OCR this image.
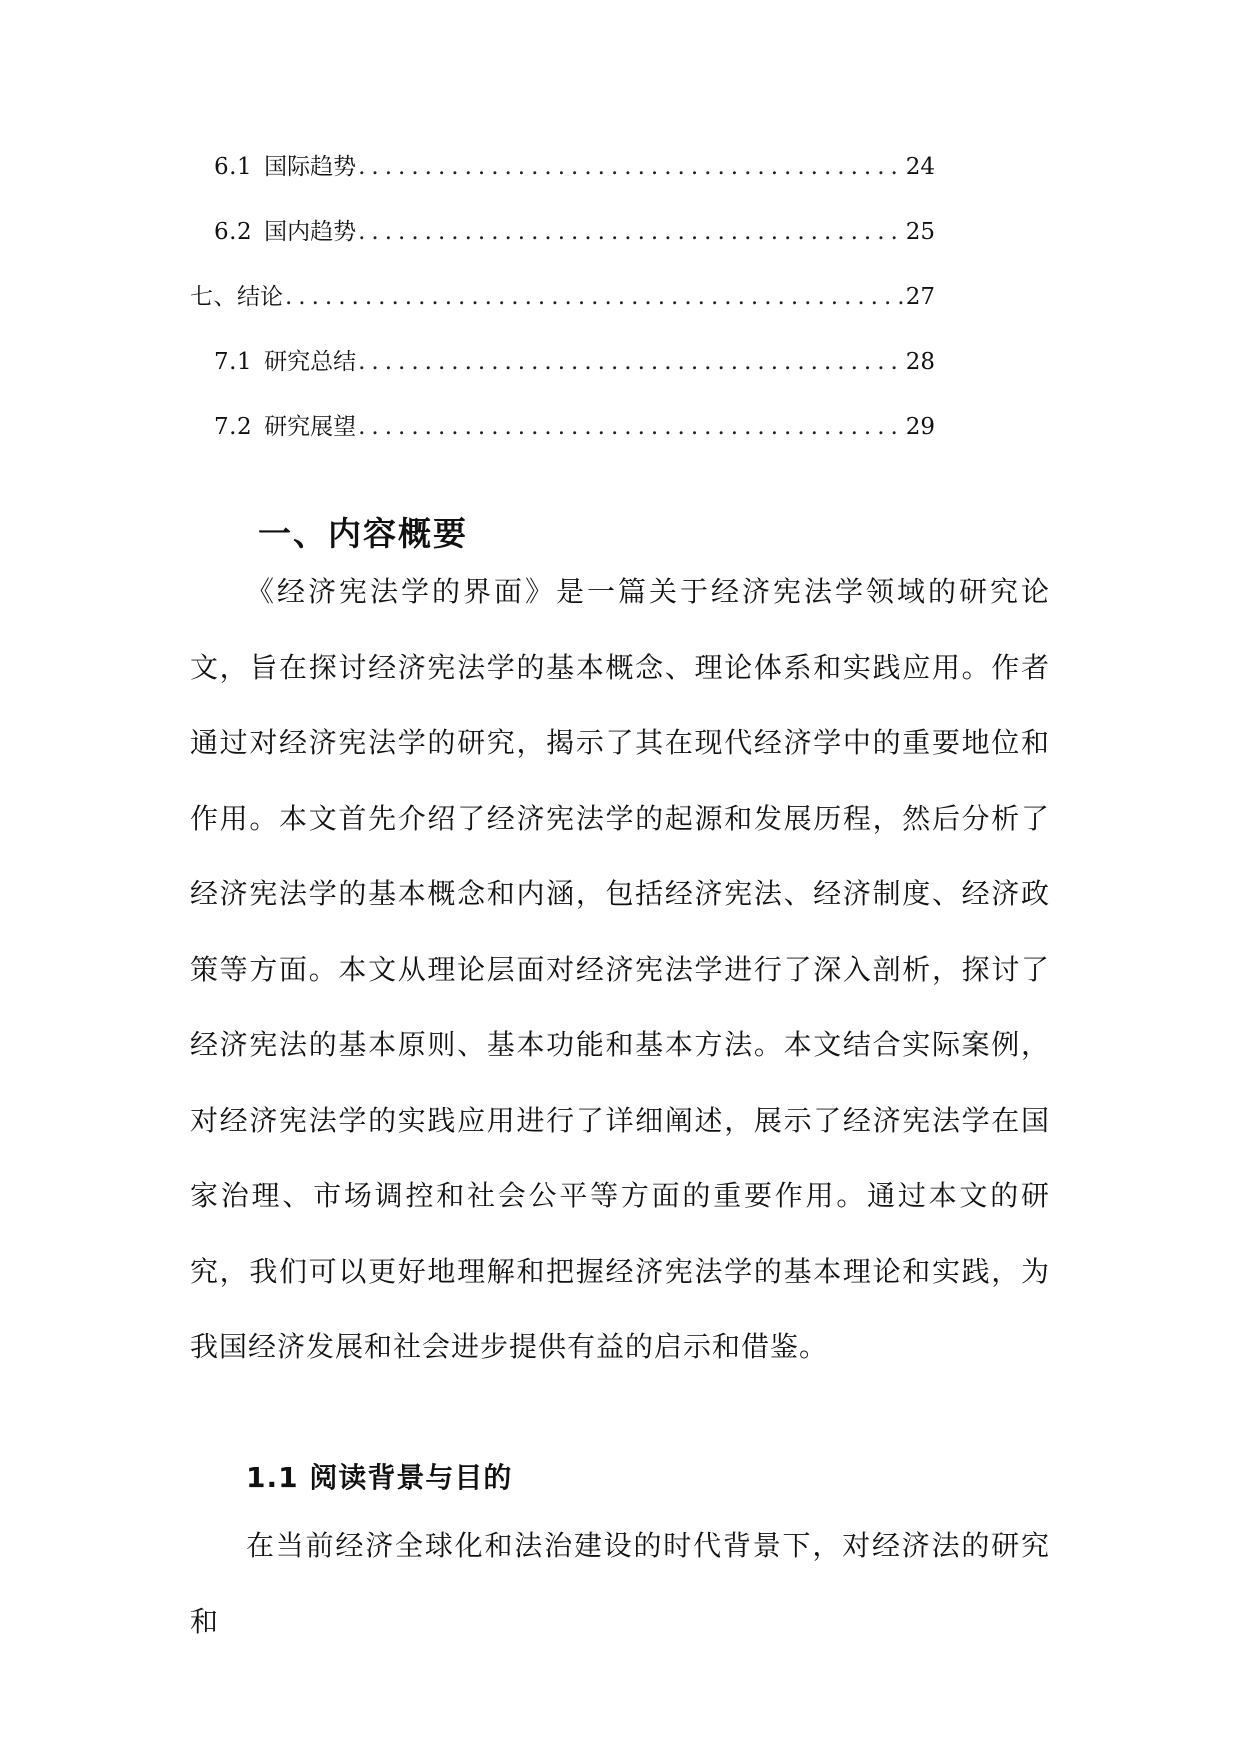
6.1 国际趋势 .....	24
6.2 国内趋势 .....	25
七、 结论 .....	27
7.1 研究总结 .....	28
7.2 研究展望 .....	29
一、内容概要
《经济宪法学的界面》是一篇关于经济宪法学领域的研究论文，旨在探讨经济宪法学的基本概念、理论体系和实践应用。作者通过对经济宪法学的研究，揭示了其在现代经济学中的重要地位和作用。本文首先介绍了经济宪法学的起源和发展历程，然后分析了经济宪法学的基本概念和内涵，包括经济宪法、经济制度、经济政策等方面。本文从理论层面对经济宪法学进行了深入剖析，探讨了经济宪法的基本原则、基本功能和基本方法。本文结合实际案例，对经济宪法学的实践应用进行了详细阐述，展示了经济宪法学在国家治理、市场调控和社会公平等方面的重要作用。通过本文的研究，我们可以更好地理解和把握经济宪法学的基本理论和实践，为我国经济发展和社会进步提供有益的启示和借鉴。
1.1 阅读背景与目的
在当前经济全球化和法治建设的时代背景下，对经济法的研究和
